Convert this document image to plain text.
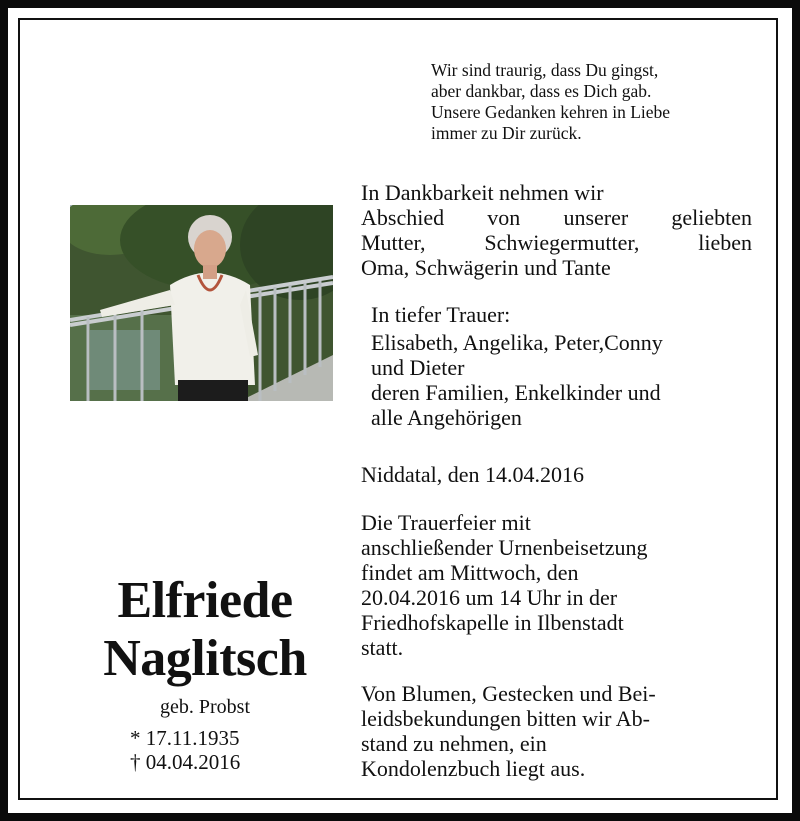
Wir sind traurig, dass Du gingst,
aber dankbar, dass es Dich gab.
Unsere Gedanken kehren in Liebe
immer zu Dir zurück.
In Dankbarkeit nehmen wir
Abschied von unserer geliebten
Mutter, Schwiegermutter, lieben
Oma, Schwägerin und Tante
In tiefer Trauer:
Elisabeth, Angelika, Peter,Conny
und Dieter
deren Familien, Enkelkinder und
alle Angehörigen
Niddatal, den 14.04.2016
Die Trauerfeier mit
anschließender Urnenbeisetzung
findet am Mittwoch, den
20.04.2016 um 14 Uhr in der
Friedhofskapelle in Ilbenstadt
statt.
Von Blumen, Gestecken und Bei-
leidsbekundungen bitten wir Ab-
stand zu nehmen, ein
Kondolenzbuch liegt aus.
Elfriede
Naglitsch
geb. Probst
* 17.11.1935
† 04.04.2016
